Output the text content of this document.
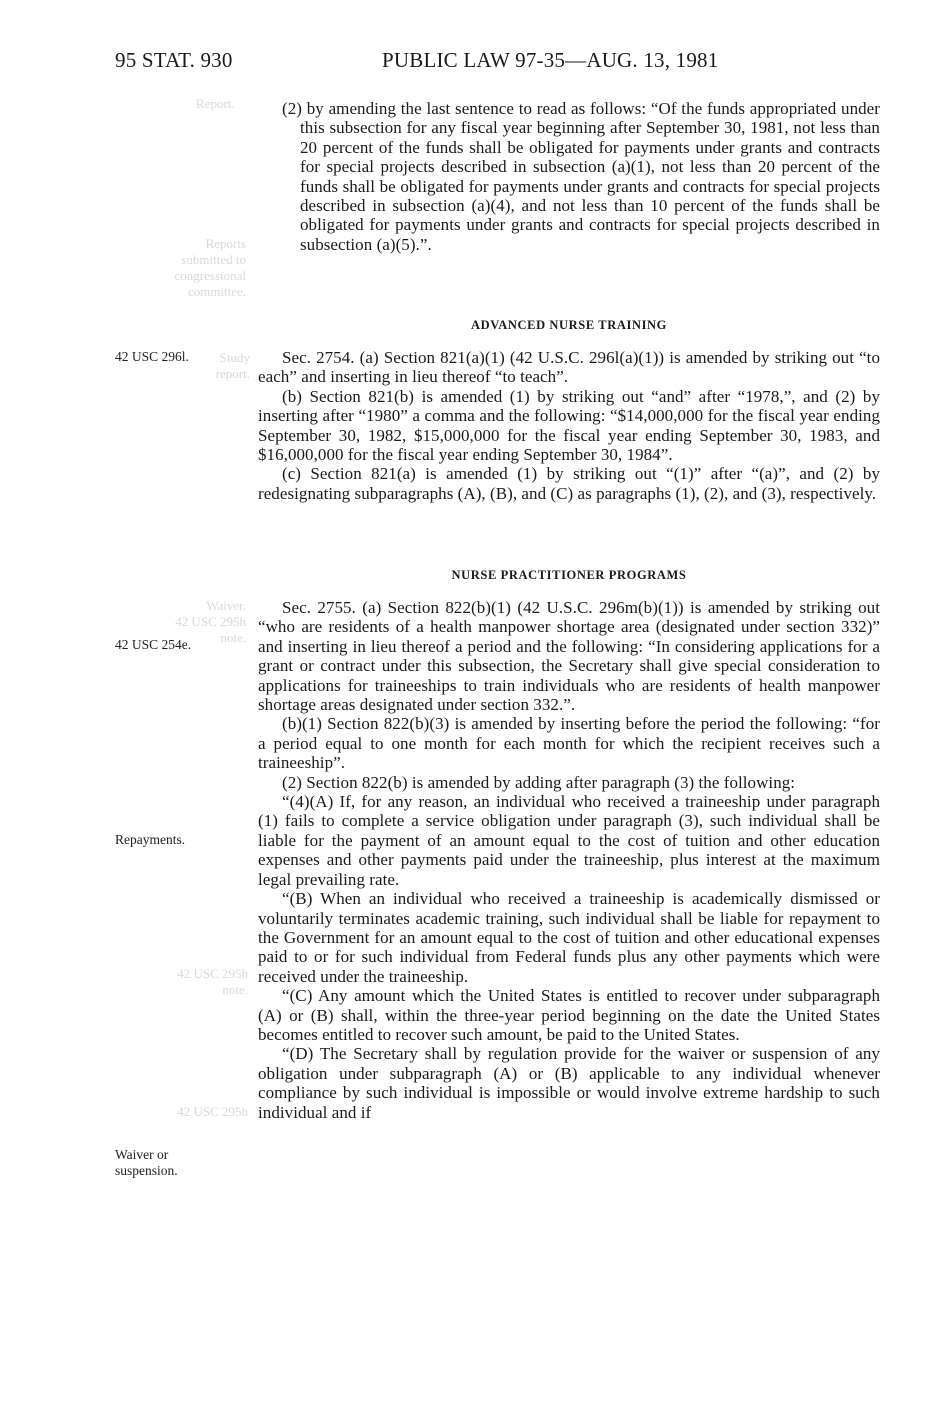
Report.
Reports
submitted to
congressional
committee.
Study
report.
Waiver.
42 USC 295h
note.
42 USC 295h
note.
42 USC 295h
95 STAT. 930	PUBLIC LAW 97-35—AUG. 13, 1981
42 USC 296l.
42 USC 254e.
Repayments.
Waiver or
suspension.

(2) by amending the last sentence to read as follows: “Of the funds appropriated under this subsection for any fiscal year beginning after September 30, 1981, not less than 20 percent of the funds shall be obligated for payments under grants and contracts for special projects described in subsection (a)(1), not less than 20 percent of the funds shall be obligated for payments under grants and contracts for special projects described in subsection (a)(4), and not less than 10 percent of the funds shall be obligated for payments under grants and contracts for special projects described in subsection (a)(5).”.

ADVANCED NURSE TRAINING

Sec. 2754. (a) Section 821(a)(1) (42 U.S.C. 296l(a)(1)) is amended by striking out “to each” and inserting in lieu thereof “to teach”.

(b) Section 821(b) is amended (1) by striking out “and” after “1978,”, and (2) by inserting after “1980” a comma and the following: “$14,000,000 for the fiscal year ending September 30, 1982, $15,000,000 for the fiscal year ending September 30, 1983, and $16,000,000 for the fiscal year ending September 30, 1984”.

(c) Section 821(a) is amended (1) by striking out “(1)” after “(a)”, and (2) by redesignating subparagraphs (A), (B), and (C) as paragraphs (1), (2), and (3), respectively.

NURSE PRACTITIONER PROGRAMS

Sec. 2755. (a) Section 822(b)(1) (42 U.S.C. 296m(b)(1)) is amended by striking out “who are residents of a health manpower shortage area (designated under section 332)” and inserting in lieu thereof a period and the following: “In considering applications for a grant or contract under this subsection, the Secretary shall give special consideration to applications for traineeships to train individuals who are residents of health manpower shortage areas designated under section 332.”.

(b)(1) Section 822(b)(3) is amended by inserting before the period the following: “for a period equal to one month for each month for which the recipient receives such a traineeship”.

(2) Section 822(b) is amended by adding after paragraph (3) the following:

“(4)(A) If, for any reason, an individual who received a traineeship under paragraph (1) fails to complete a service obligation under paragraph (3), such individual shall be liable for the payment of an amount equal to the cost of tuition and other education expenses and other payments paid under the traineeship, plus interest at the maximum legal prevailing rate.

“(B) When an individual who received a traineeship is academically dismissed or voluntarily terminates academic training, such individual shall be liable for repayment to the Government for an amount equal to the cost of tuition and other educational expenses paid to or for such individual from Federal funds plus any other payments which were received under the traineeship.

“(C) Any amount which the United States is entitled to recover under subparagraph (A) or (B) shall, within the three-year period beginning on the date the United States becomes entitled to recover such amount, be paid to the United States.

“(D) The Secretary shall by regulation provide for the waiver or suspension of any obligation under subparagraph (A) or (B) applicable to any individual whenever compliance by such individual is impossible or would involve extreme hardship to such individual and if
